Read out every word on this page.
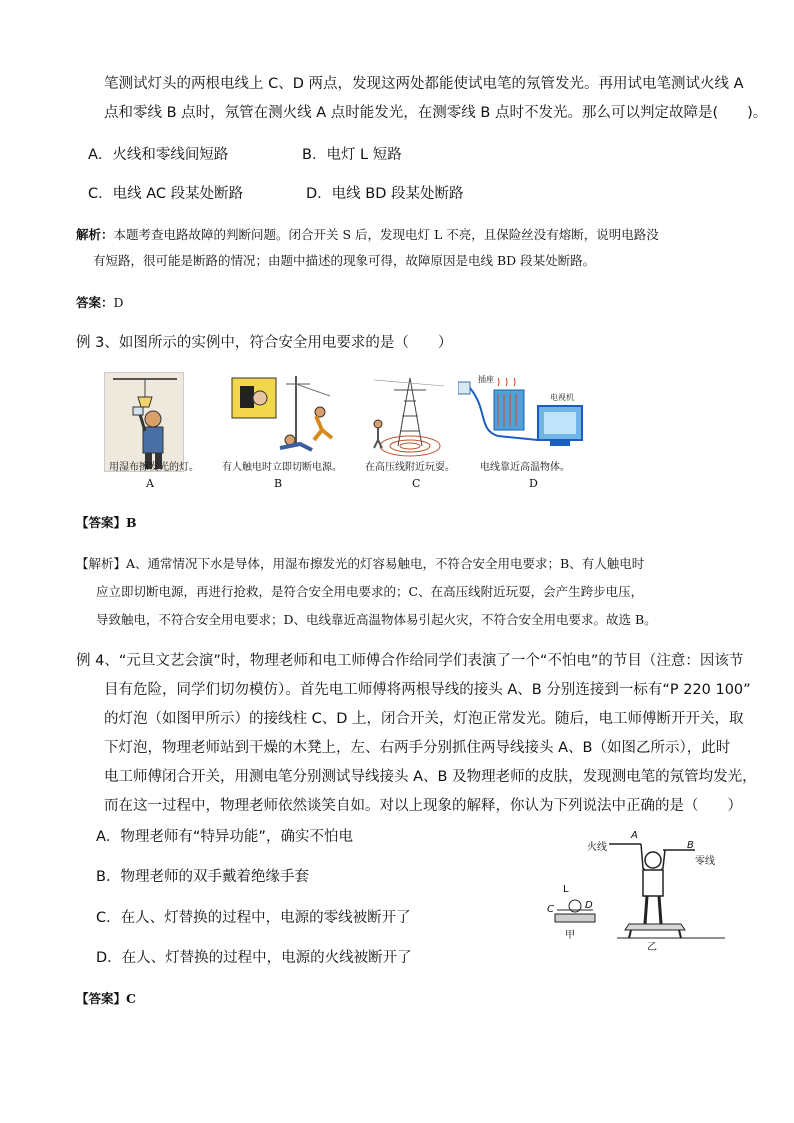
笔测试灯头的两根电线上 C、D 两点，发现这两处都能使试电笔的氖管发光。再用试电笔测试火线 A
点和零线 B 点时，氖管在测火线 A 点时能发光，在测零线 B 点时不发光。那么可以判定故障是(　　)。
A．火线和零线间短路	B．电灯 L 短路
C．电线 AC 段某处断路	D．电线 BD 段某处断路
解析：本题考查电路故障的判断问题。闭合开关 S 后，发现电灯 L 不亮，且保险丝没有熔断，说明电路没
有短路，很可能是断路的情况；由题中描述的现象可得，故障原因是电线 BD 段某处断路。
答案：D
例 3、如图所示的实例中，符合安全用电要求的是（　　）
用湿布擦发光的灯。
A
有人触电时立即切断电源。
B
在高压线附近玩耍。
C
插座
电视机
电线靠近高温物体。
D
【答案】B
【解析】A、通常情况下水是导体，用湿布擦发光的灯容易触电，不符合安全用电要求；B、有人触电时
应立即切断电源，再进行抢救，是符合安全用电要求的；C、在高压线附近玩耍，会产生跨步电压，
导致触电，不符合安全用电要求；D、电线靠近高温物体易引起火灾，不符合安全用电要求。故选 B。
例 4、“元旦文艺会演”时，物理老师和电工师傅合作给同学们表演了一个“不怕电”的节目（注意：因该节
目有危险，同学们切勿模仿）。首先电工师傅将两根导线的接头 A、B 分别连接到一标有“P 220 100”
的灯泡（如图甲所示）的接线柱 C、D 上，闭合开关，灯泡正常发光。随后，电工师傅断开开关，取
下灯泡，物理老师站到干燥的木凳上，左、右两手分别抓住两导线接头 A、B（如图乙所示），此时
电工师傅闭合开关，用测电笔分别测试导线接头 A、B 及物理老师的皮肤，发现测电笔的氖管均发光，
而在这一过程中，物理老师依然谈笑自如。对以上现象的解释，你认为下列说法中正确的是（　　）
A．物理老师有“特异功能”，确实不怕电
B．物理老师的双手戴着绝缘手套
C．在人、灯替换的过程中，电源的零线被断开了
D．在人、灯替换的过程中，电源的火线被断开了
火线
A
B
零线
乙
L
C	D
甲
【答案】C
